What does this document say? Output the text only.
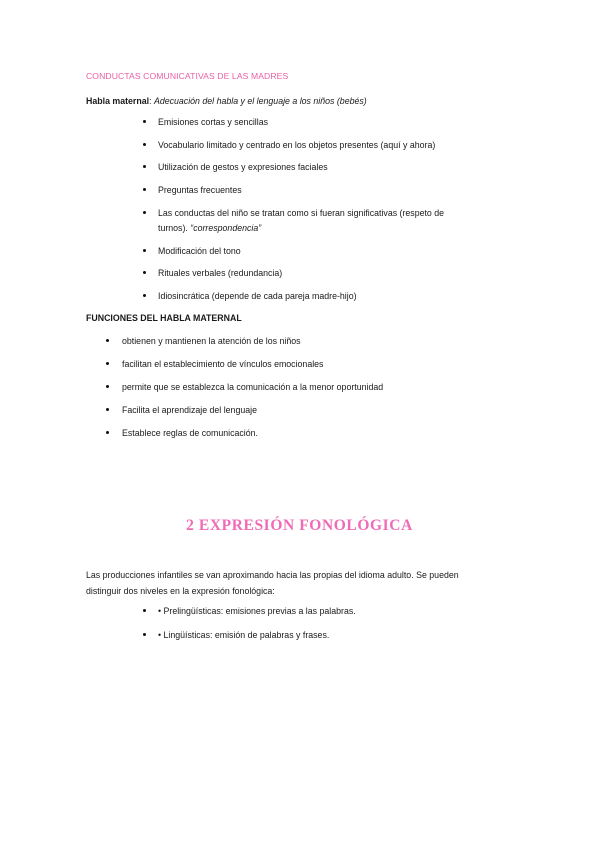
CONDUCTAS COMUNICATIVAS DE LAS MADRES
Habla maternal: Adecuación del habla y el lenguaje a los niños (bebés)
Emisiones cortas y sencillas
Vocabulario limitado y centrado en los objetos presentes (aquí y ahora)
Utilización de gestos y expresiones faciales
Preguntas frecuentes
Las conductas del niño se tratan como si fueran significativas (respeto de
turnos). “correspondencia”
Modificación del tono
Rituales verbales (redundancia)
Idiosincrática (depende de cada pareja madre-hijo)
FUNCIONES DEL HABLA MATERNAL
obtienen y mantienen la atención de los niños
facilitan el establecimiento de vínculos emocionales
permite que se establezca la comunicación a la menor oportunidad
Facilita el aprendizaje del lenguaje
Establece reglas de comunicación.
2 EXPRESIÓN FONOLÓGICA
Las producciones infantiles se van aproximando hacia las propias del idioma adulto. Se pueden
distinguir dos niveles en la expresión fonológica:
• Prelingüísticas: emisiones previas a las palabras.
• Lingüísticas: emisión de palabras y frases.
